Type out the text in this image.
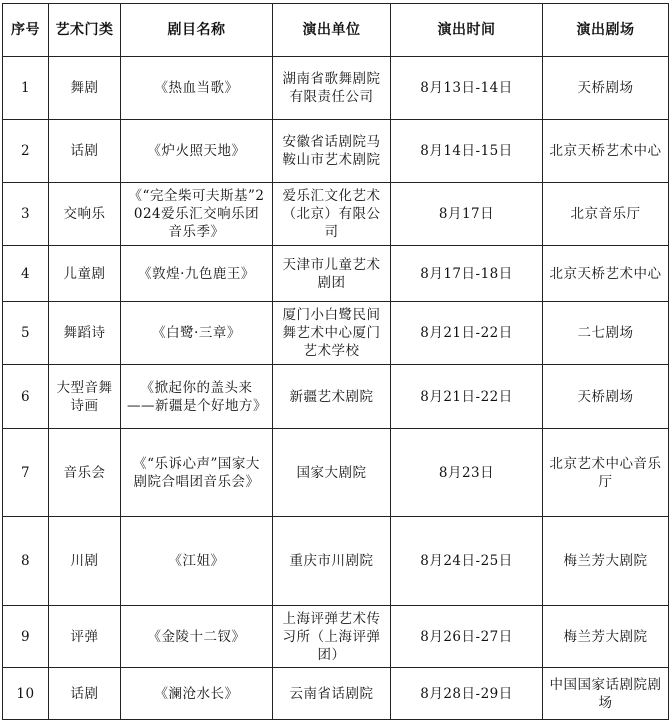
序号	艺术门类	剧目名称	演出单位	演出时间	演出剧场
1	舞剧	《热血当歌》	湖南省歌舞剧院有限责任公司	8月13日-14日	天桥剧场
2	话剧	《炉火照天地》	安徽省话剧院马鞍山市艺术剧院	8月14日-15日	北京天桥艺术中心
3	交响乐	《“完全柴可夫斯基”2024爱乐汇交响乐团音乐季》	爱乐汇文化艺术（北京）有限公司	8月17日	北京音乐厅
4	儿童剧	《敦煌·九色鹿王》	天津市儿童艺术剧团	8月17日-18日	北京天桥艺术中心
5	舞蹈诗	《白鹭·三章》	厦门小白鹭民间舞艺术中心厦门艺术学校	8月21日-22日	二七剧场
6	大型音舞诗画	《掀起你的盖头来——新疆是个好地方》	新疆艺术剧院	8月21日-22日	天桥剧场
7	音乐会	《“乐诉心声”国家大剧院合唱团音乐会》	国家大剧院	8月23日	北京艺术中心音乐厅
8	川剧	《江姐》	重庆市川剧院	8月24日-25日	梅兰芳大剧院
9	评弹	《金陵十二钗》	上海评弹艺术传习所（上海评弹团）	8月26日-27日	梅兰芳大剧院
10	话剧	《澜沧水长》	云南省话剧院	8月28日-29日	中国国家话剧院剧场
